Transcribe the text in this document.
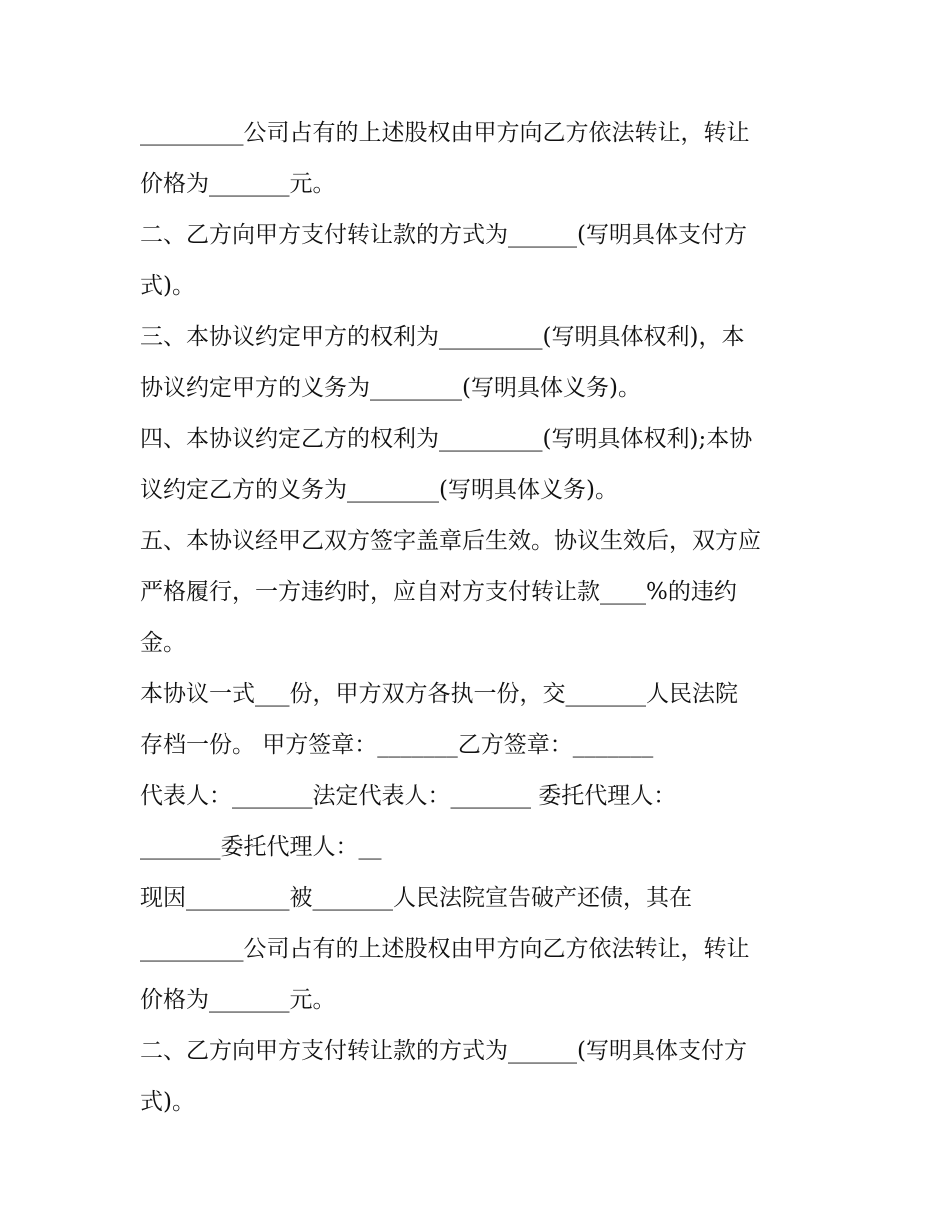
_________公司占有的上述股权由甲方向乙方依法转让，转让
价格为_______元。
二、乙方向甲方支付转让款的方式为______(写明具体支付方
式)。
三、本协议约定甲方的权利为_________(写明具体权利)，本
协议约定甲方的义务为________(写明具体义务)。
四、本协议约定乙方的权利为_________(写明具体权利);本协
议约定乙方的义务为________(写明具体义务)。
五、本协议经甲乙双方签字盖章后生效。协议生效后，双方应
严格履行，一方违约时，应自对方支付转让款____%的违约
金。
本协议一式___份，甲方双方各执一份，交_______人民法院
存档一份。 甲方签章：_______乙方签章：_______
代表人：_______法定代表人：_______ 委托代理人：
_______委托代理人：__
现因_________被_______人民法院宣告破产还债，其在
_________公司占有的上述股权由甲方向乙方依法转让，转让
价格为_______元。
二、乙方向甲方支付转让款的方式为______(写明具体支付方
式)。
